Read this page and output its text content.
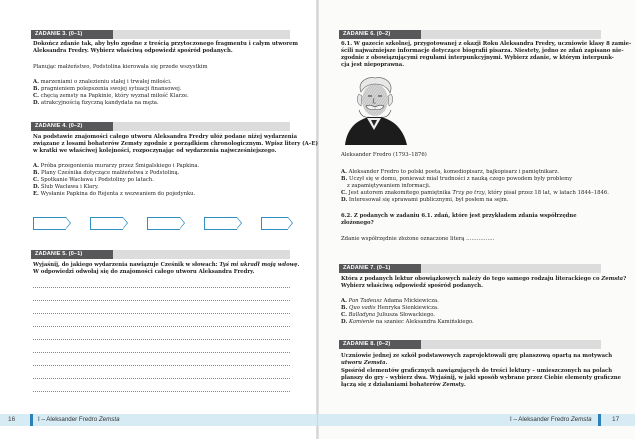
ZADANIE 3. (0–1)
Dokończ zdanie tak, aby było zgodne z treścią przytoczonego fragmentu i całym utworem
Aleksandra Fredry. Wybierz właściwą odpowiedź spośród podanych.
Planując małżeństwo, Podstolina kierowała się przede wszystkim
A. marzeniami o znalezieniu stałej i trwałej miłości.
B. pragnieniem polepszenia swojej sytuacji finansowej.
C. chęcią zemsty na Papkinie, który wyznał miłość Klarze.
D. atrakcyjnością fizyczną kandydata na męża.
ZADANIE 4. (0–2)
Na podstawie znajomości całego utworu Aleksandra Fredry ułóż podane niżej wydarzenia
związane z losami bohaterów Zemsty zgodnie z porządkiem chronologicznym. Wpisz litery (A–E)
w kratki we właściwej kolejności, rozpoczynając od wydarzenia najwcześniejszego.
A. Próba przegonienia murarzy przez Śmigalskiego i Papkina.
B. Plany Cześnika dotyczące małżeństwa z Podstoliną.
C. Spotkanie Wacława i Podstoliny po latach.
D. Ślub Wacława i Klary.
E. Wysłanie Papkina do Rejenta z wezwaniem do pojedynku.
ZADANIE 5. (0–1)
Wyjaśnij, do jakiego wydarzenia nawiązuje Cześnik w słowach: Tyś mi ukradł moją wdowę.
W odpowiedzi odwołaj się do znajomości całego utworu Aleksandra Fredry.
16	I – Aleksander Fredro Zemsta
ZADANIE 6. (0–2)
6.1. W gazecie szkolnej, przygotowanej z okazji Roku Aleksandra Fredry, uczniowie klasy 8 zamie-
ścili najważniejsze informacje dotyczące biografii pisarza. Niestety, jedno ze zdań zapisano nie-
zgodnie z obowiązującymi regułami interpunkcyjnymi. Wybierz zdanie, w którym interpunk-
cja jest niepoprawna.
Aleksander Fredro (1793–1876)
A. Aleksander Fredro to polski poeta, komediopisarz, bajkopisarz i pamiętnikarz.
B. Uczył się w domu, ponieważ miał trudności z nauką czego powodem były problemy
z zapamiętywaniem informacji.
C. Jest autorem znakomitego pamiętnika Trzy po trzy, który pisał przez 18 lat, w latach 1844–1846.
D. Interesował się sprawami publicznymi, był posłem na sejm.
6.2. Z podanych w zadaniu 6.1. zdań, które jest przykładem zdania współrzędne
złożonego?
Zdanie współrzędnie złożone oznaczone literą …………….
ZADANIE 7. (0–1)
Która z podanych lektur obowiązkowych należy do tego samego rodzaju literackiego co Zemsta?
Wybierz właściwą odpowiedź spośród podanych.
A. Pan Tadeusz Adama Mickiewicza.
B. Quo vadis Henryka Sienkiewicza.
C. Balladyna Juliusza Słowackiego.
D. Kamienie na szaniec Aleksandra Kamińskiego.
ZADANIE 8. (0–2)
Uczniowie jednej ze szkół podstawowych zaprojektowali grę planszową opartą na motywach
utworu Zemsta.
Spośród elementów graficznych nawiązujących do treści lektury – umieszczonych na polach
planszy do gry – wybierz dwa. Wyjaśnij, w jaki sposób wybrane przez Ciebie elementy graficzne
łączą się z działaniami bohaterów Zemsty.
I – Aleksander Fredro Zemsta	17
